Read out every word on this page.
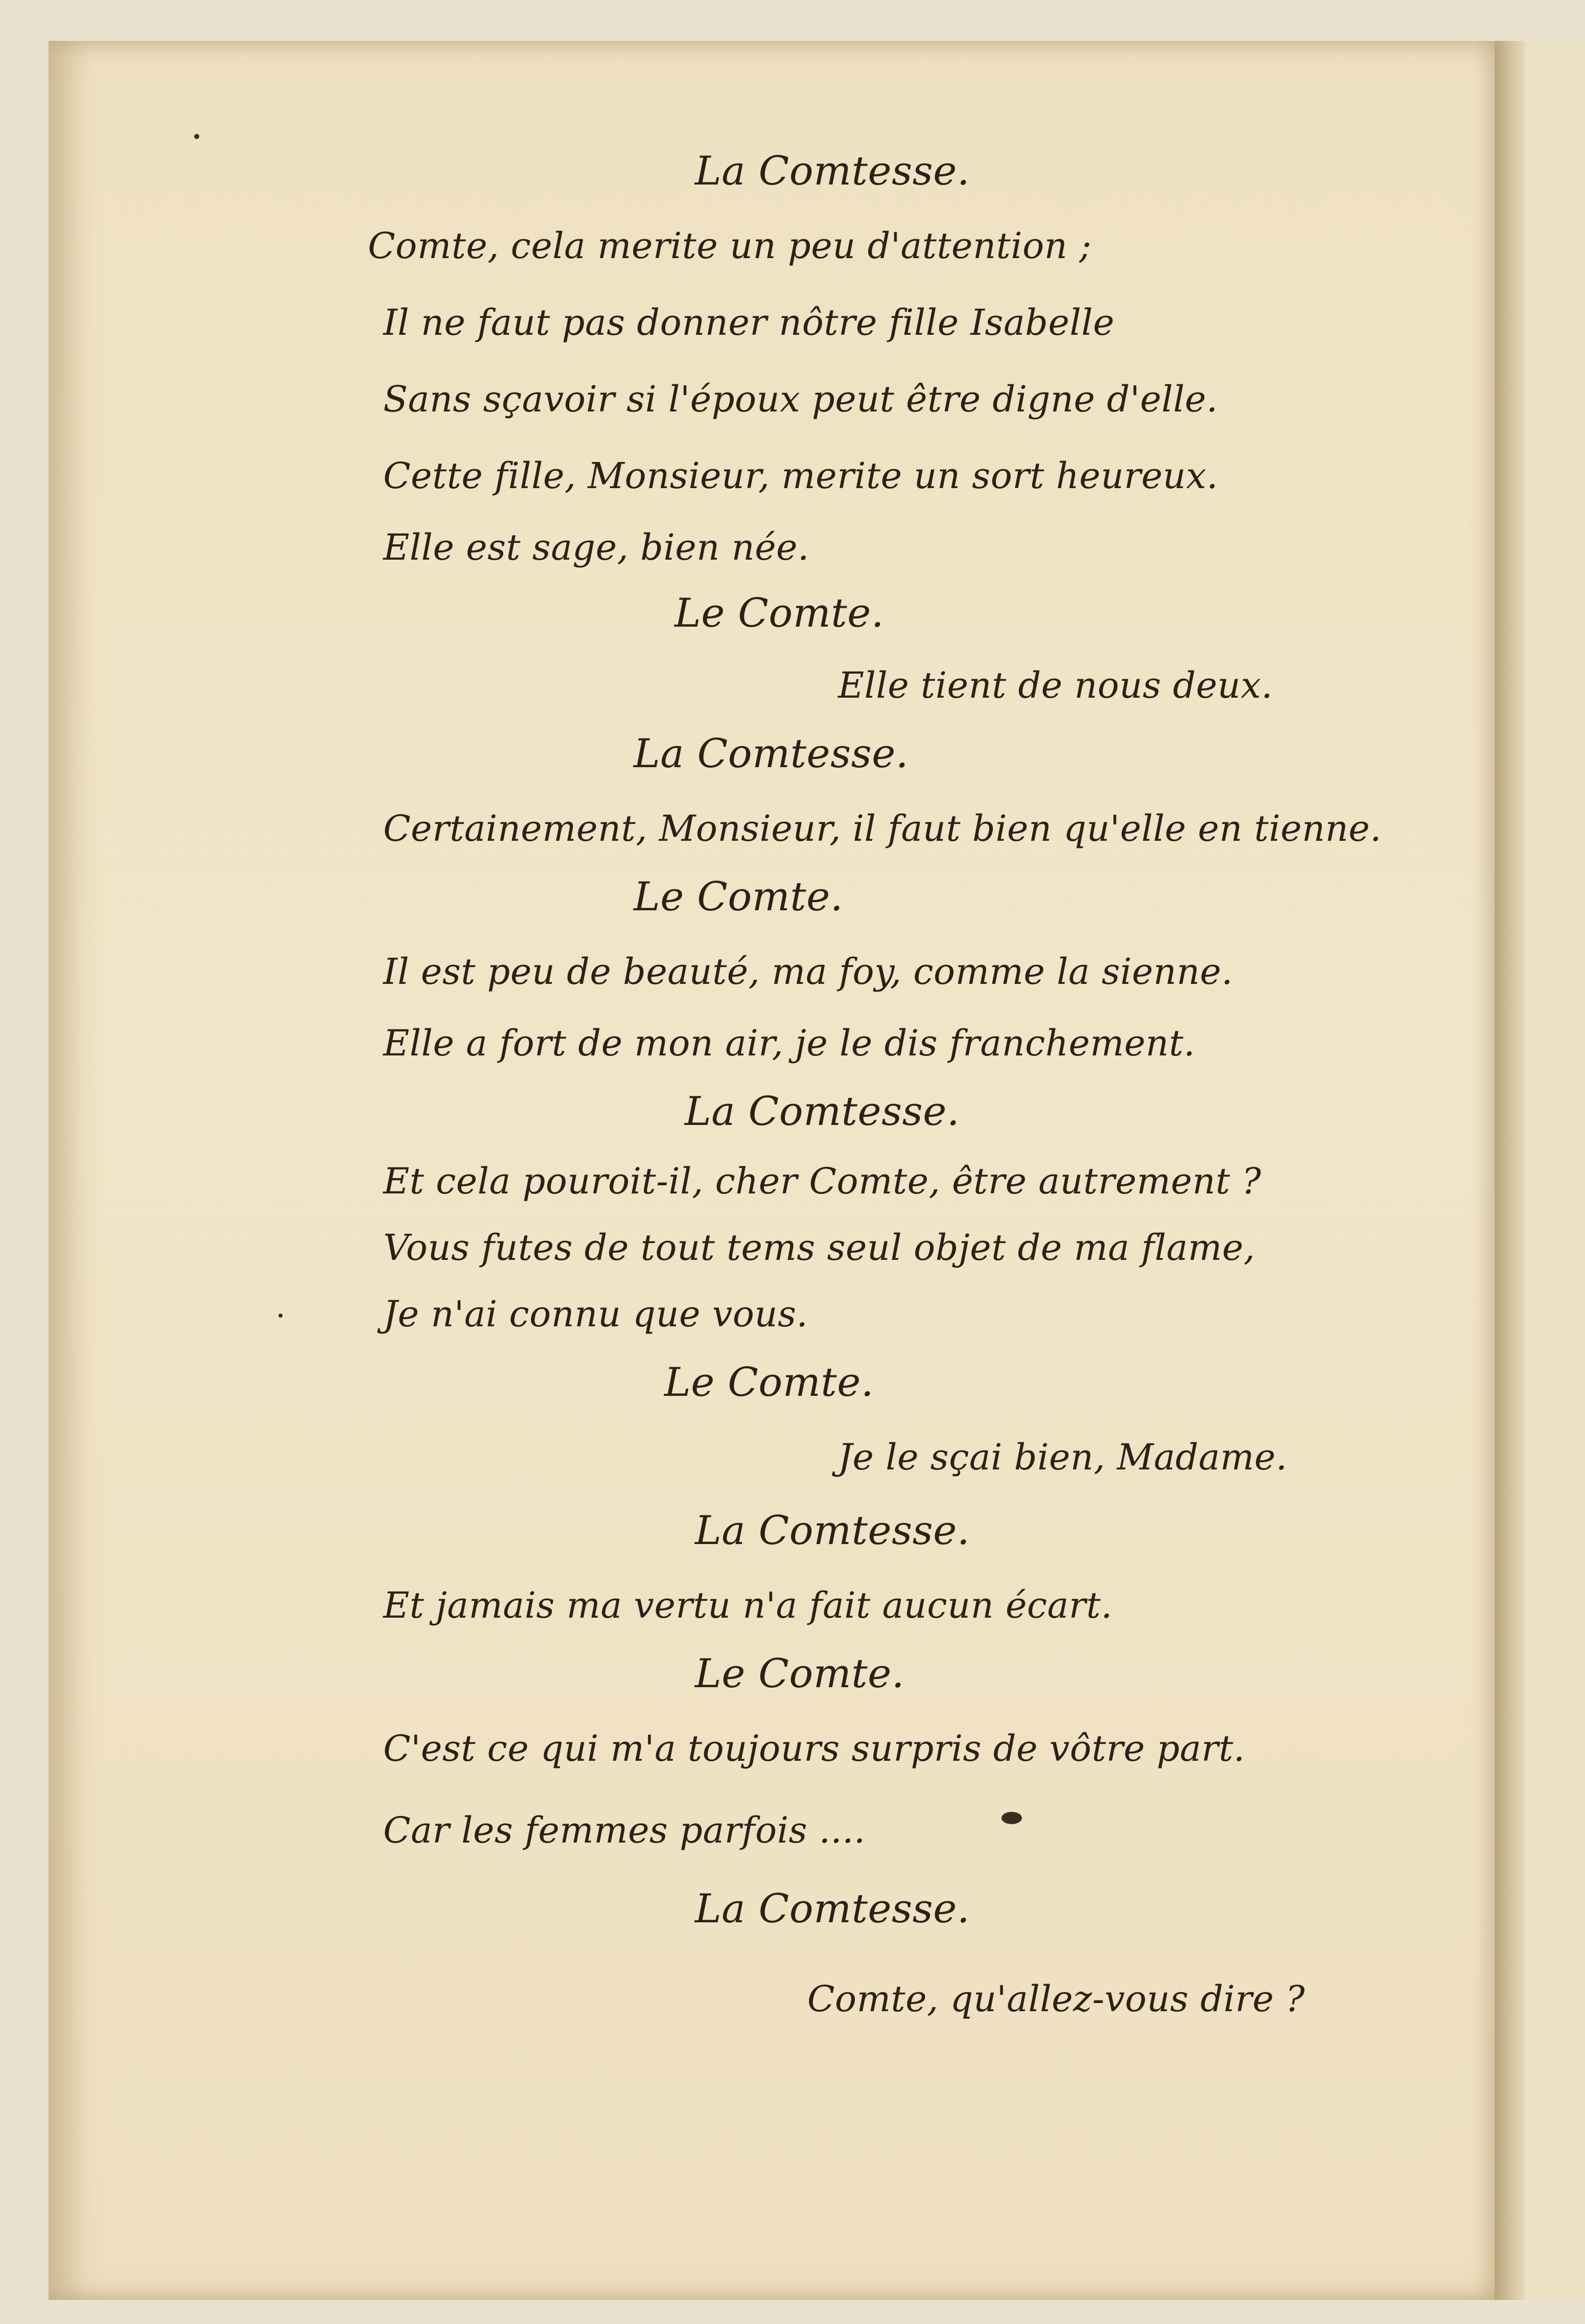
La Comtesse.
Comte, cela merite un peu d'attention ;
Il ne faut pas donner nôtre fille Isabelle
Sans sçavoir si l'époux peut être digne d'elle.
Cette fille, Monsieur, merite un sort heureux.
Elle est sage, bien née.
Le Comte.
Elle tient de nous deux.
La Comtesse.
Certainement, Monsieur, il faut bien qu'elle en tienne.
Le Comte.
Il est peu de beauté, ma foy, comme la sienne.
Elle a fort de mon air, je le dis franchement.
La Comtesse.
Et cela pouroit-il, cher Comte, être autrement ?
Vous futes de tout tems seul objet de ma flame,
Je n'ai connu que vous.
Le Comte.
Je le sçai bien, Madame.
La Comtesse.
Et jamais ma vertu n'a fait aucun écart.
Le Comte.
C'est ce qui m'a toujours surpris de vôtre part.
Car les femmes parfois ....
La Comtesse.
Comte, qu'allez-vous dire ?
